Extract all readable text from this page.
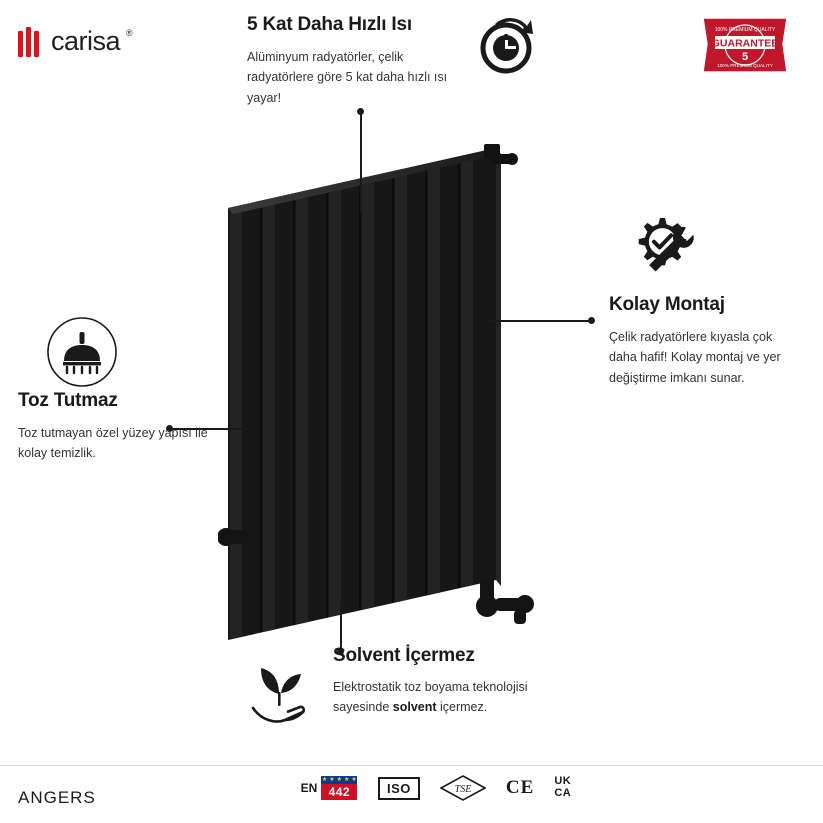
carisa ®	100% PREMIUM QUALITY
GUARANTEE
5
100% PREMIUM QUALITY
5 Kat Daha Hızlı Isı
Alüminyum radyatörler, çelik radyatörlere göre 5 kat daha hızlı ısı yayar!
Kolay Montaj
Çelik radyatörlere kıyasla çok daha hafif! Kolay montaj ve yer değiştirme imkanı sunar.
Toz Tutmaz
Toz tutmayan özel yüzey yapısı ile kolay temizlik.
Solvent İçermez
Elektrostatik toz boyama teknolojisi sayesinde solvent içermez.
ANGERS	EN
★ ★ ★ ★ ★
442	ISO	TSE CE UK
CA
